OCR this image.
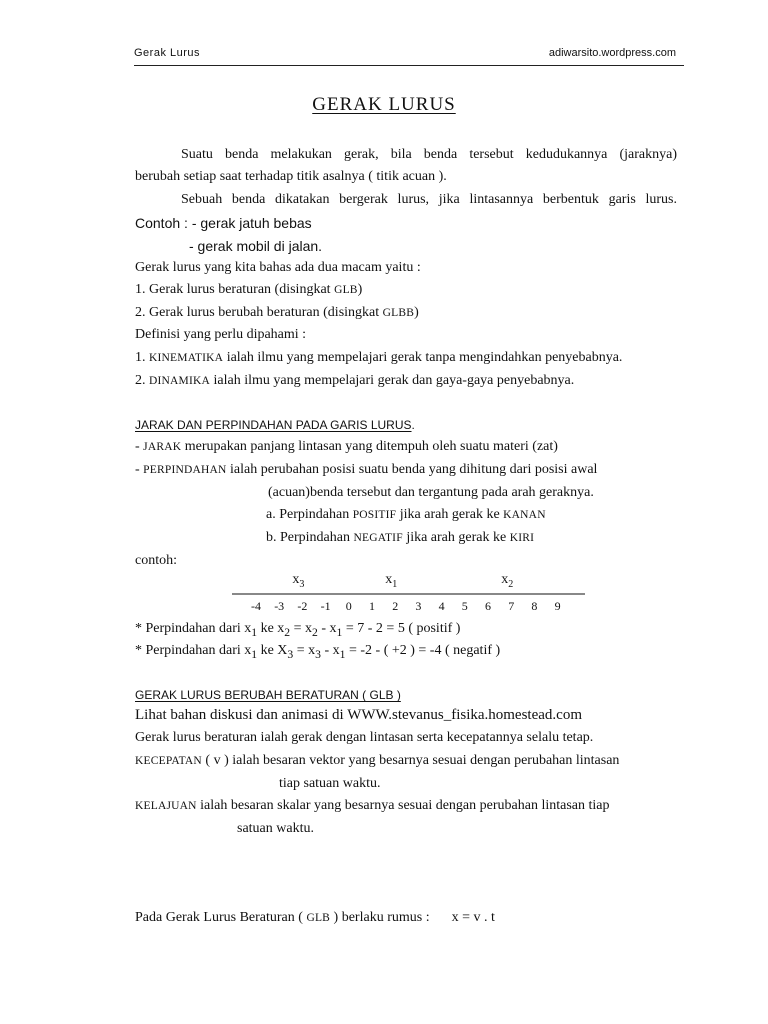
Gerak Lurus	adiwarsito.wordpress.com
GERAK LURUS
Suatu benda melakukan gerak, bila benda tersebut kedudukannya (jaraknya)
berubah setiap saat terhadap titik asalnya ( titik acuan ).
Sebuah benda dikatakan bergerak lurus, jika lintasannya berbentuk garis lurus.
Contoh : - gerak jatuh bebas
- gerak mobil di jalan.
Gerak lurus yang kita bahas ada dua macam yaitu :
1. Gerak lurus beraturan (disingkat GLB)
2. Gerak lurus berubah beraturan (disingkat GLBB)
Definisi yang perlu dipahami :
1. KINEMATIKA ialah ilmu yang mempelajari gerak tanpa mengindahkan penyebabnya.
2. DINAMIKA ialah ilmu yang mempelajari gerak dan gaya-gaya penyebabnya.
JARAK DAN PERPINDAHAN PADA GARIS LURUS.
- JARAK merupakan panjang lintasan yang ditempuh oleh suatu materi (zat)
- PERPINDAHAN ialah perubahan posisi suatu benda yang dihitung dari posisi awal
(acuan)benda tersebut dan tergantung pada arah geraknya.
a. Perpindahan POSITIF jika arah gerak ke KANAN
b. Perpindahan NEGATIF jika arah gerak ke KIRI
contoh:
-4 -3 -2 -1 0 1 2 3 4 5 6 7 8 9
$x_3$	$x_1$	$x_2$
* Perpindahan dari $x_1$ ke $x_2 = x_2 - x_1 = 7 - 2 = 5$ ( positif )
* Perpindahan dari $x_1$ ke $X_3 = x_3 - x_1 = -2$ - ( +2 ) = -4 ( negatif )
GERAK LURUS BERUBAH BERATURAN ( GLB )
Lihat bahan diskusi dan animasi di WWW.stevanus_fisika.homestead.com
Gerak lurus beraturan ialah gerak dengan lintasan serta kecepatannya selalu tetap.
KECEPATAN ( v ) ialah besaran vektor yang besarnya sesuai dengan perubahan lintasan
tiap satuan waktu.
KELAJUAN ialah besaran skalar yang besarnya sesuai dengan perubahan lintasan tiap
satuan waktu.
Pada Gerak Lurus Beraturan ( GLB ) berlaku rumus : x = v . t
